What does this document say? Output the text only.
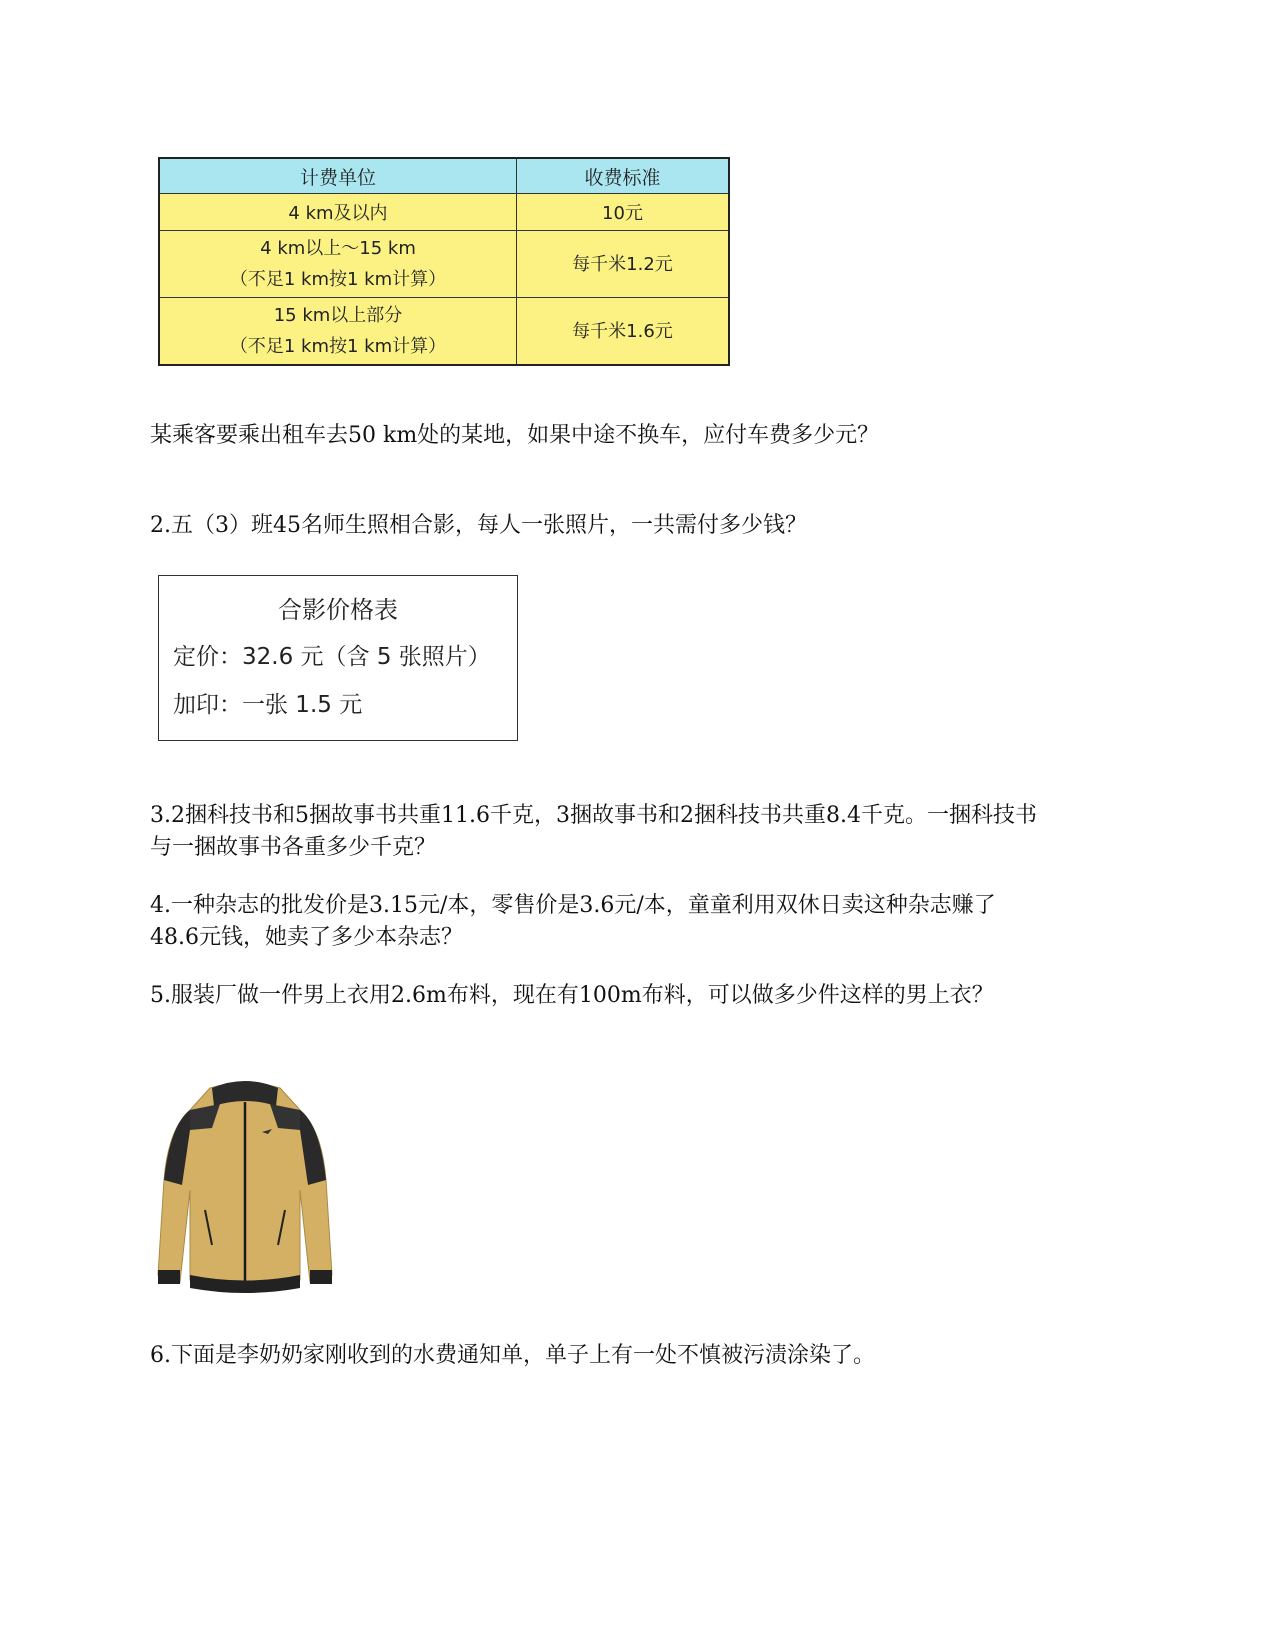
计费单位	收费标准
4 km及以内	10元

4 km以上～15 km
（不足1 km按1 km计算）	每千米1.2元

15 km以上部分
（不足1 km按1 km计算）	每千米1.6元

某乘客要乘出租车去50 km处的某地，如果中途不换车，应付车费多少元？

2.五（3）班45名师生照相合影，每人一张照片，一共需付多少钱？

合影价格表
定价：32.6 元（含 5 张照片）
加印：一张 1.5 元

3.2捆科技书和5捆故事书共重11.6千克，3捆故事书和2捆科技书共重8.4千克。一捆科技书
与一捆故事书各重多少千克？

4.一种杂志的批发价是3.15元/本，零售价是3.6元/本，童童利用双休日卖这种杂志赚了
48.6元钱，她卖了多少本杂志？

5.服装厂做一件男上衣用2.6m布料，现在有100m布料，可以做多少件这样的男上衣？

6.下面是李奶奶家刚收到的水费通知单，单子上有一处不慎被污渍涂染了。
